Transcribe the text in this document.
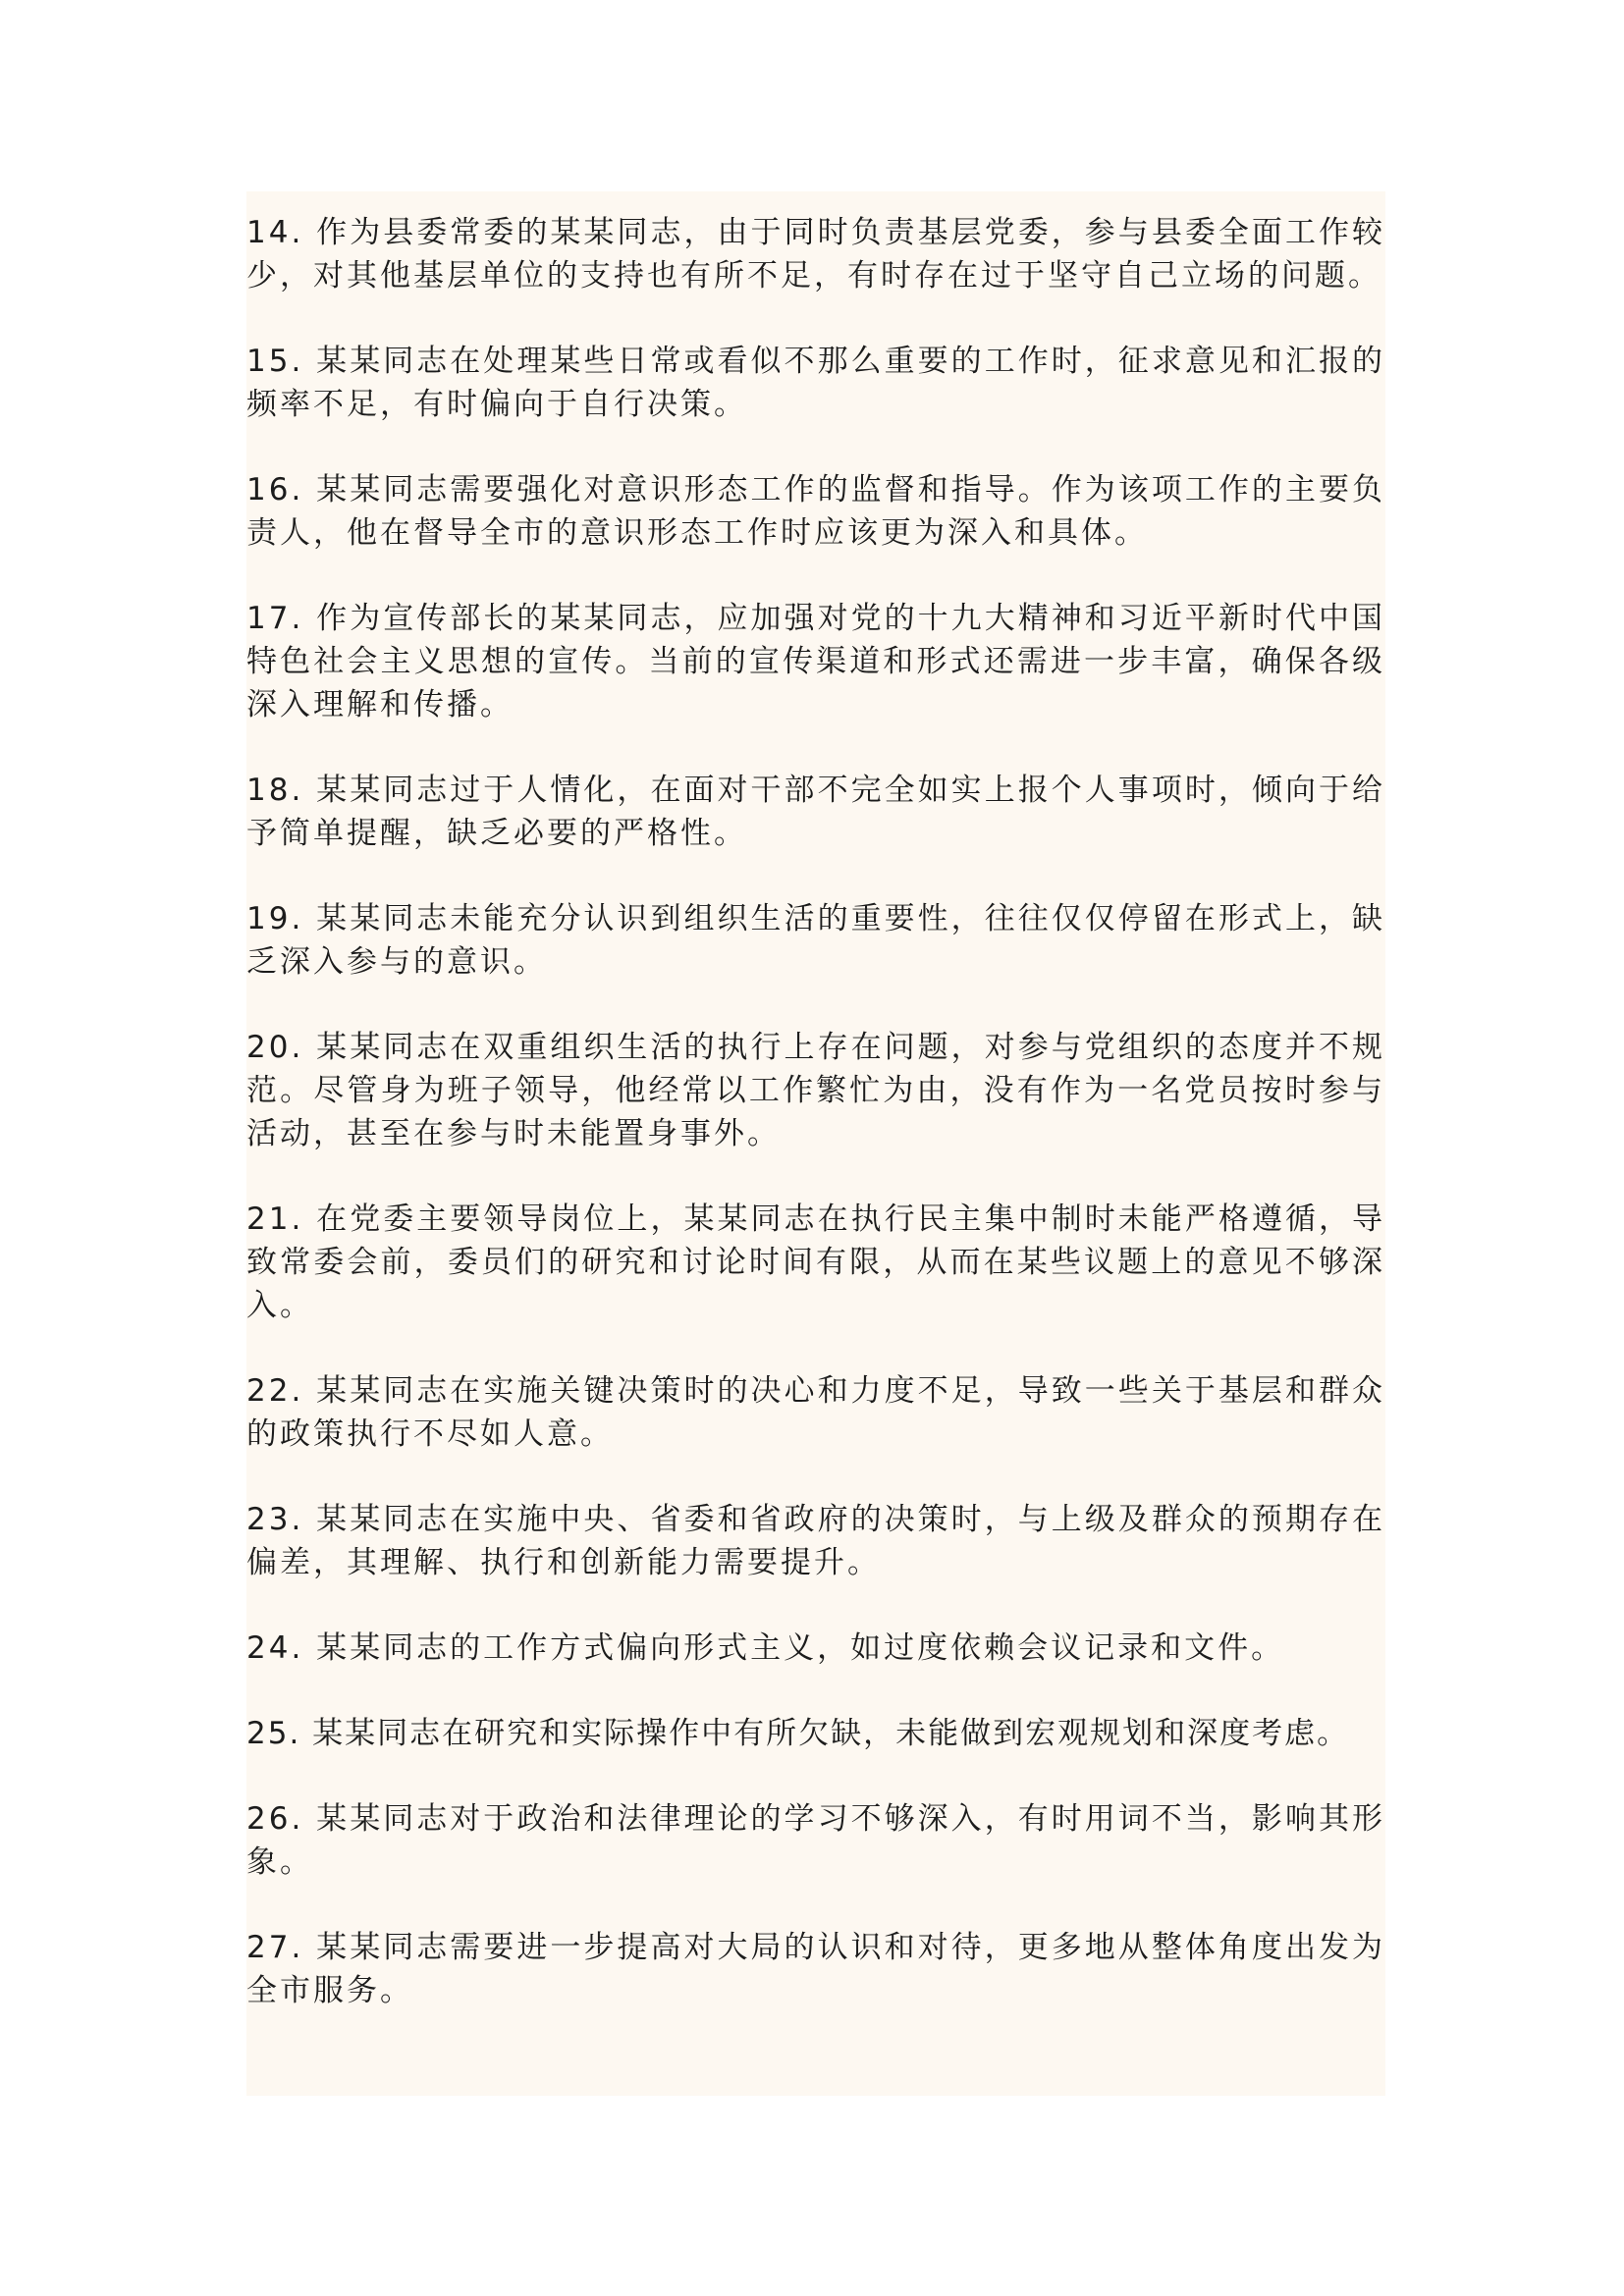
14. 作为县委常委的某某同志，由于同时负责基层党委，参与县委全面工作较少，对其他基层单位的支持也有所不足，有时存在过于坚守自己立场的问题。

15. 某某同志在处理某些日常或看似不那么重要的工作时，征求意见和汇报的频率不足，有时偏向于自行决策。

16. 某某同志需要强化对意识形态工作的监督和指导。作为该项工作的主要负责人，他在督导全市的意识形态工作时应该更为深入和具体。

17. 作为宣传部长的某某同志，应加强对党的十九大精神和习近平新时代中国特色社会主义思想的宣传。当前的宣传渠道和形式还需进一步丰富，确保各级深入理解和传播。

18. 某某同志过于人情化，在面对干部不完全如实上报个人事项时，倾向于给予简单提醒，缺乏必要的严格性。

19. 某某同志未能充分认识到组织生活的重要性，往往仅仅停留在形式上，缺乏深入参与的意识。

20. 某某同志在双重组织生活的执行上存在问题，对参与党组织的态度并不规范。尽管身为班子领导，他经常以工作繁忙为由，没有作为一名党员按时参与活动，甚至在参与时未能置身事外。

21. 在党委主要领导岗位上，某某同志在执行民主集中制时未能严格遵循，导致常委会前，委员们的研究和讨论时间有限，从而在某些议题上的意见不够深入。

22. 某某同志在实施关键决策时的决心和力度不足，导致一些关于基层和群众的政策执行不尽如人意。

23. 某某同志在实施中央、省委和省政府的决策时，与上级及群众的预期存在偏差，其理解、执行和创新能力需要提升。

24. 某某同志的工作方式偏向形式主义，如过度依赖会议记录和文件。

25. 某某同志在研究和实际操作中有所欠缺，未能做到宏观规划和深度考虑。

26. 某某同志对于政治和法律理论的学习不够深入，有时用词不当，影响其形象。

27. 某某同志需要进一步提高对大局的认识和对待，更多地从整体角度出发为全市服务。
